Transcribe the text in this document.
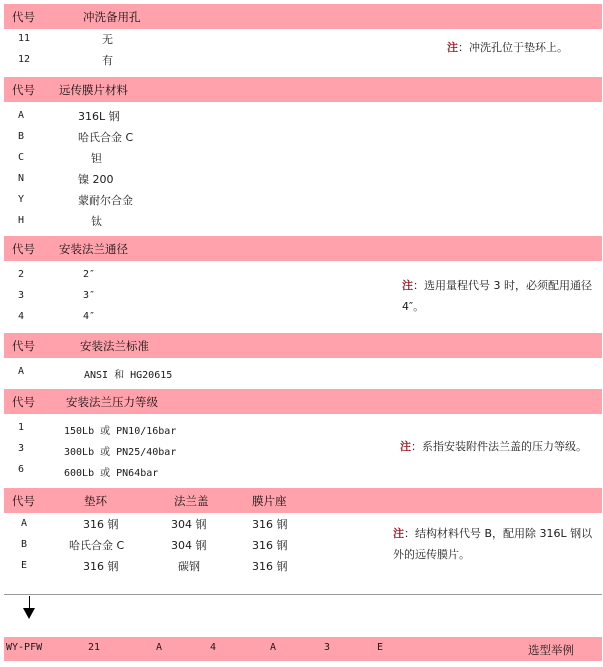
代号	冲洗备用孔
11	无
12	有
注：冲洗孔位于垫环上。
代号 远传膜片材料
A	316L 钢
B	哈氏合金 C
C	钽
N	镍 200
Y	蒙耐尔合金
H	钛
代号 安装法兰通径
2	2″
3	3″
4	4″
注：选用量程代号 3 时，必须配用通径 4″。
代号	安装法兰标准
A	ANSI 和 HG20615
代号	安装法兰压力等级
1	150Lb 或 PN10/16bar
3	300Lb 或 PN25/40bar
6	600Lb 或 PN64bar
注：系指安装附件法兰盖的压力等级。
代号	垫环	法兰盖	膜片座
A	316 钢	304 钢	316 钢
B	哈氏合金 C	304 钢	316 钢
E	316 钢	碳钢	316 钢
注：结构材料代号 B，配用除 316L 钢以外的远传膜片。
WY-PFW	21	A	4	A	3	E	选型举例
